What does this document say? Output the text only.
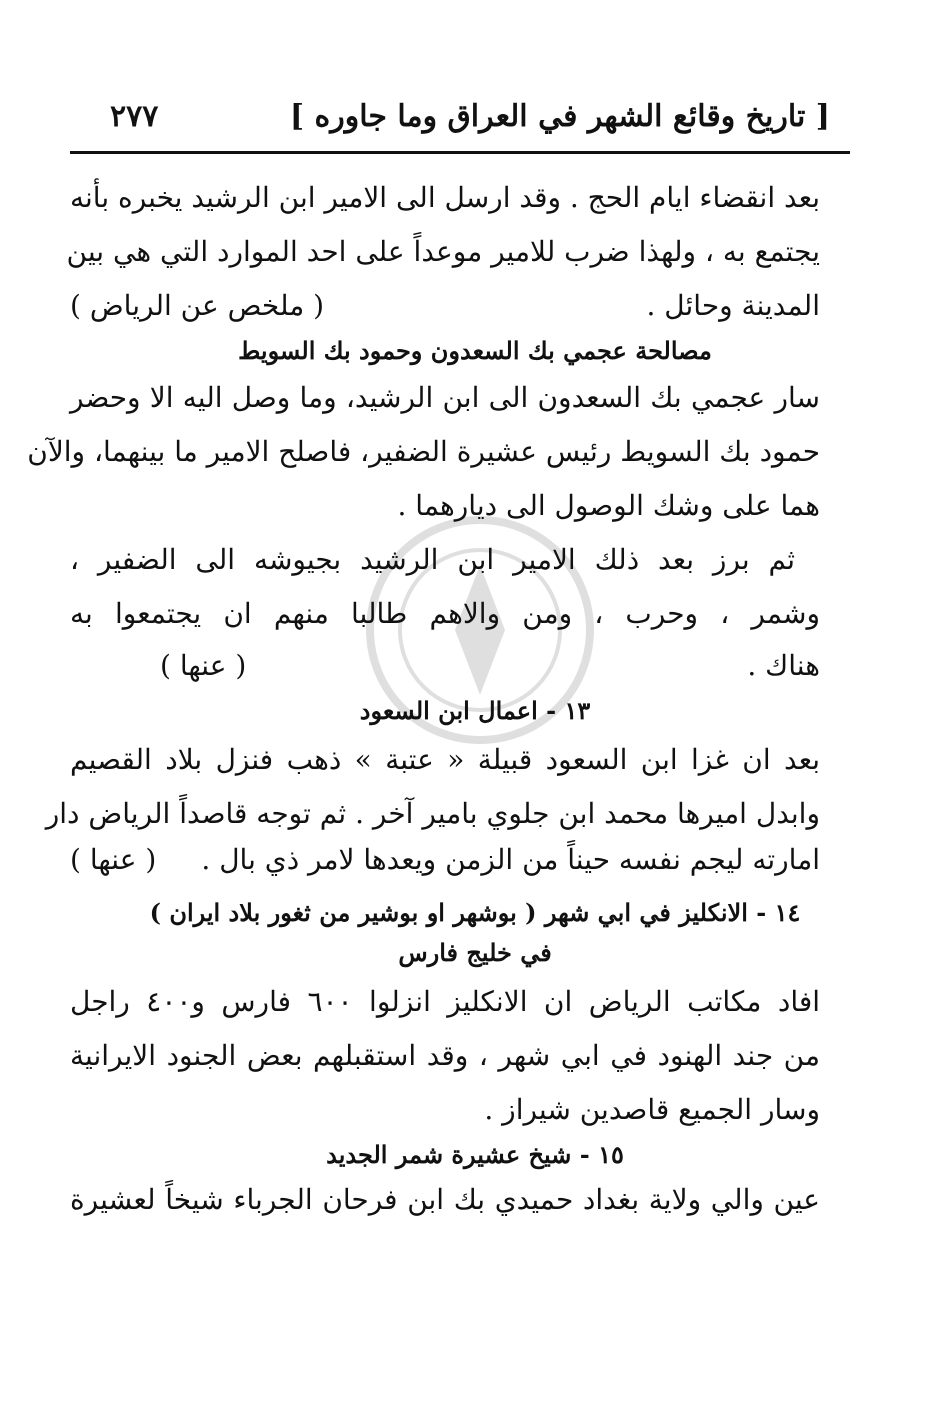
[ تاريخ وقائع الشهر في العراق وما جاوره ]
٢٧٧
بعد انقضاء ايام الحج . وقد ارسل الى الامير ابن الرشيد يخبره بأنه
يجتمع به ، ولهذا ضرب للامير موعداً على احد الموارد التي هي بين
المدينة وحائل .
( ملخص عن الرياض )
مصالحة عجمي بك السعدون وحمود بك السويط
سار عجمي بك السعدون الى ابن الرشيد، وما وصل اليه الا وحضر
حمود بك السويط رئيس عشيرة الضفير، فاصلح الامير ما بينهما، والآن
هما على وشك الوصول الى ديارهما .
ثم برز بعد ذلك الامير ابن الرشيد بجيوشه الى الضفير ،
وشمر ، وحرب ، ومن والاهم طالبا منهم ان يجتمعوا به
هناك .
( عنها )
١٣ - اعمال ابن السعود
بعد ان غزا ابن السعود قبيلة « عتبة » ذهب فنزل بلاد القصيم
وابدل اميرها محمد ابن جلوي بامير آخر . ثم توجه قاصداً الرياض دار
امارته ليجم نفسه حيناً من الزمن ويعدها لامر ذي بال .
( عنها )
١٤ - الانكليز في ابي شهر ( بوشهر او بوشير من ثغور بلاد ايران )
في خليج فارس
افاد مكاتب الرياض ان الانكليز انزلوا ٦٠٠ فارس و٤٠٠ راجل
من جند الهنود في ابي شهر ، وقد استقبلهم بعض الجنود الايرانية
وسار الجميع قاصدين شيراز .
١٥ - شيخ عشيرة شمر الجديد
عين والي ولاية بغداد حميدي بك ابن فرحان الجرباء شيخاً لعشيرة
